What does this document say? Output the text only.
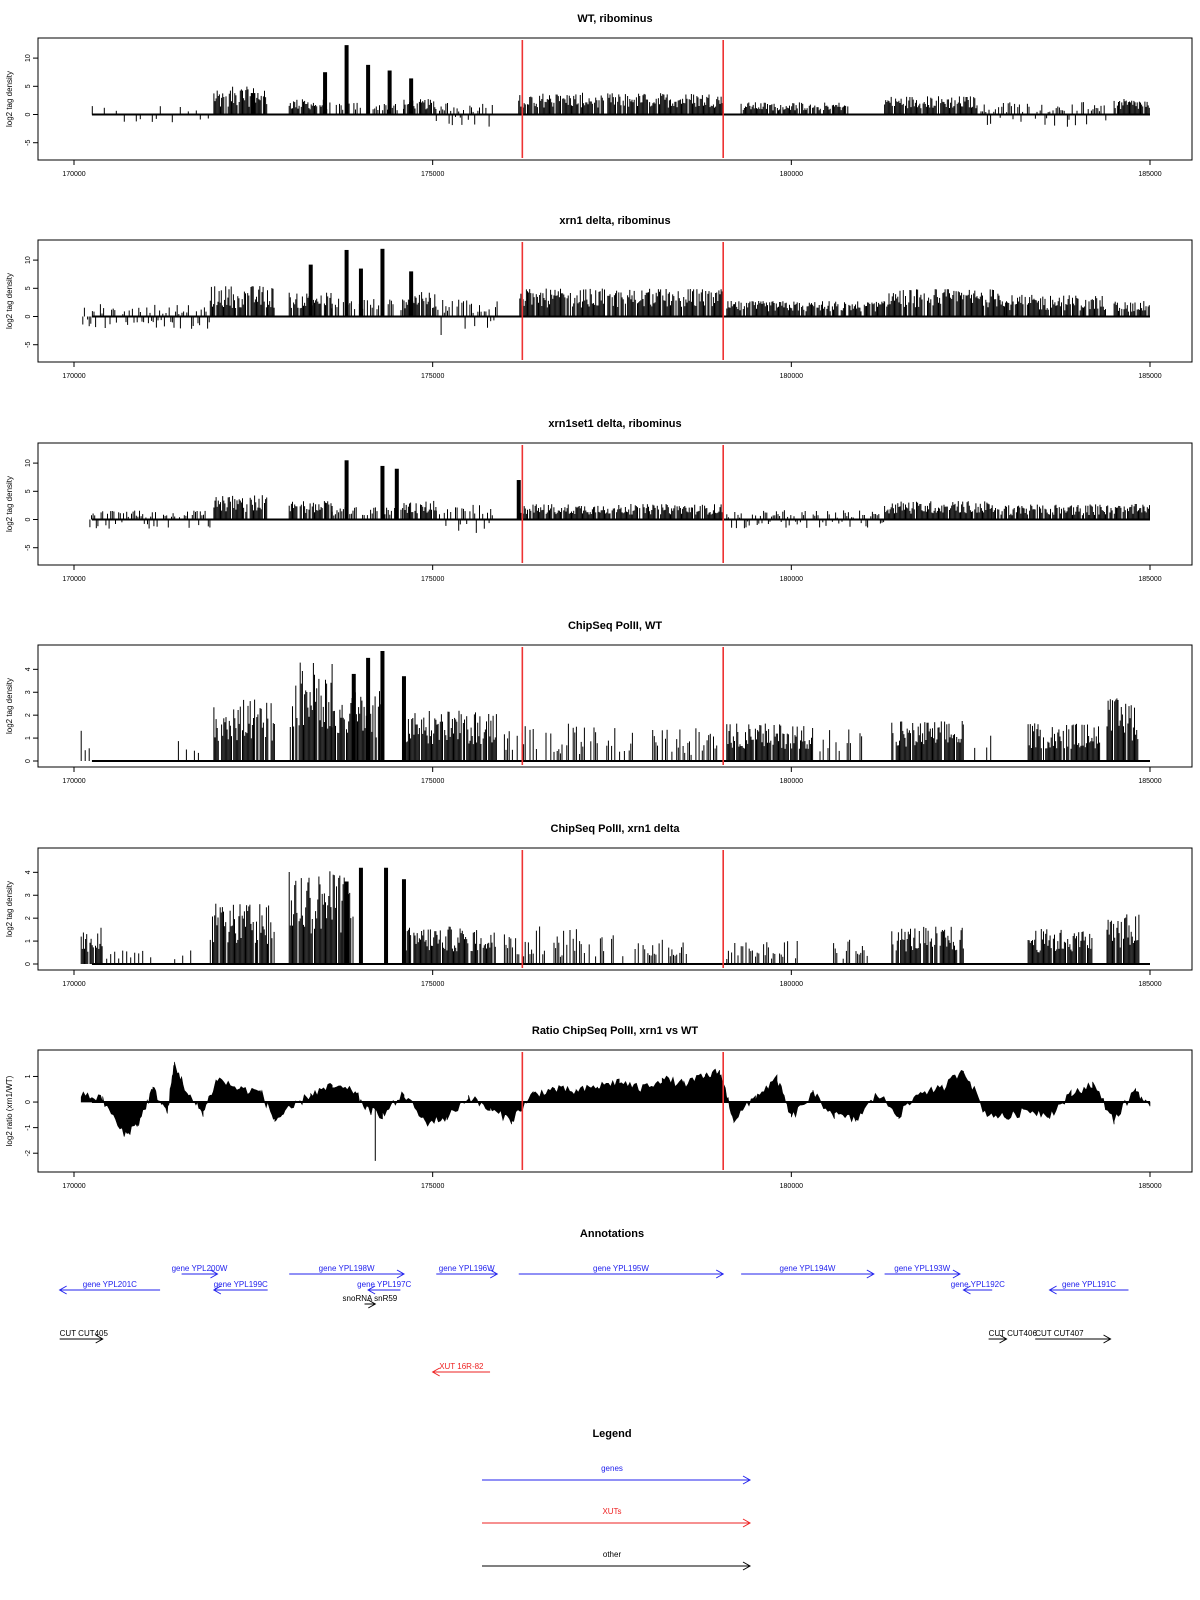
WT, ribominus
log2 tag density
-5
0
5
10
170000	175000	180000	185000
xrn1 delta, ribominus
log2 tag density
-5
0
5
10
170000	175000	180000	185000
xrn1set1 delta, ribominus
log2 tag density
-5
0
5
10
170000	175000	180000	185000
ChipSeq PolII, WT
log2 tag density
0
1
2
3
4
170000	175000	180000	185000
ChipSeq PolII, xrn1 delta
log2 tag density
0
1
2
3
4
170000	175000	180000	185000
Ratio ChipSeq PolII, xrn1 vs WT
log2 ratio (xrn1/WT)
-2
-1
0
1
170000	175000	180000	185000
Annotations
gene YPL201C
gene YPL200W
gene YPL199C
gene YPL198W
gene YPL197C
snoRNA snR59
gene YPL196W	gene YPL195W	gene YPL194W	gene YPL193W
gene YPL192C	gene YPL191C
CUT CUT405	CUT CUT406
CUT CUT407
XUT 16R-82
Legend
genes
XUTs
other
